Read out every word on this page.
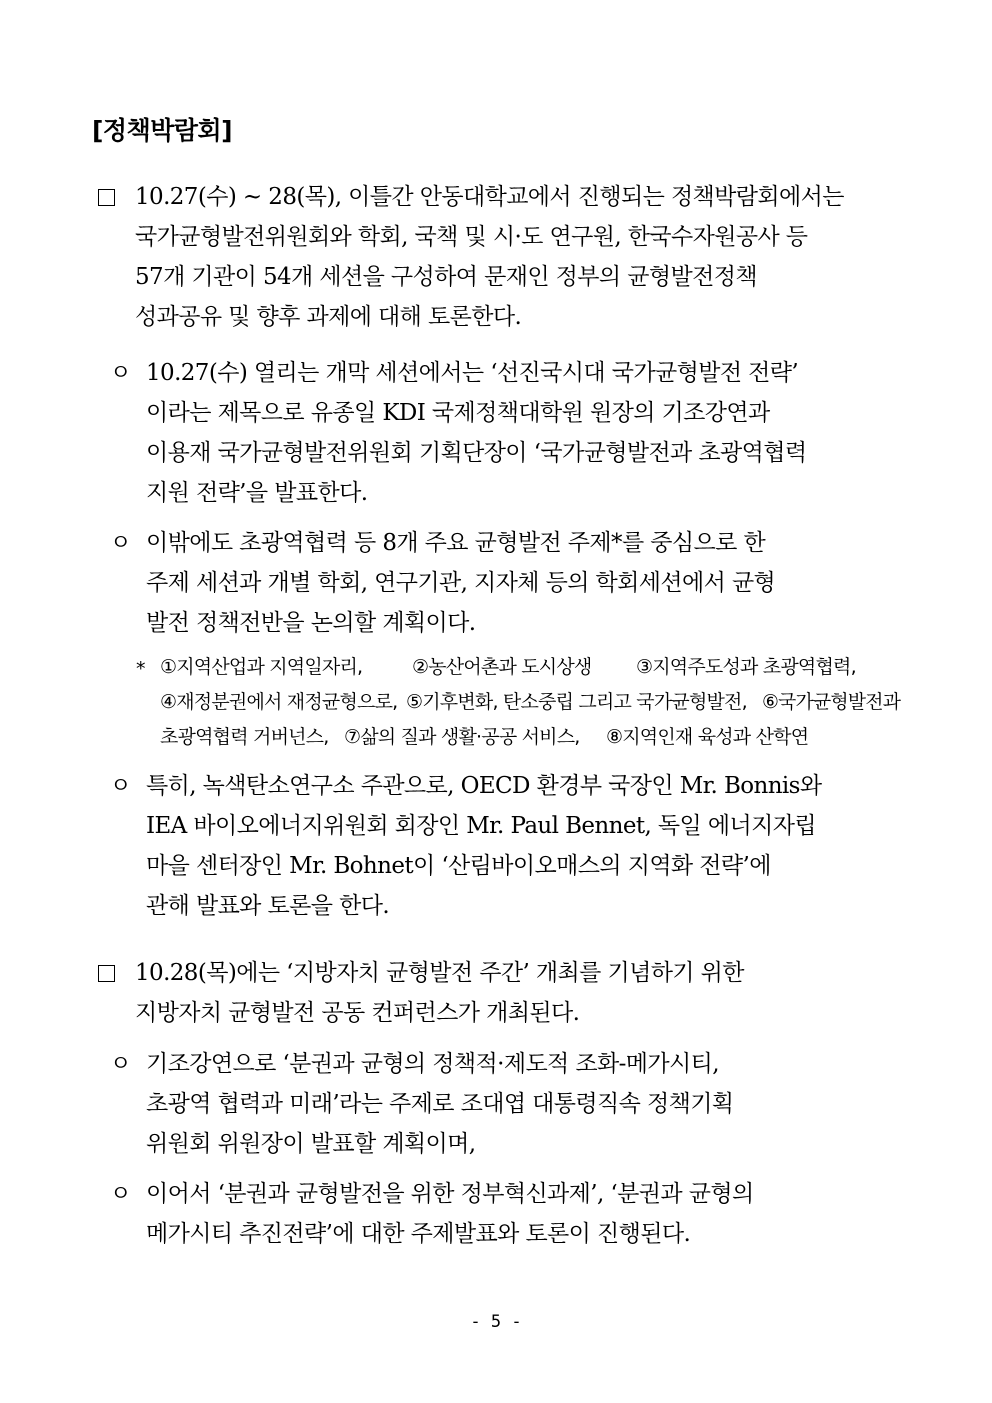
[정책박람회]
10.27(수) ~ 28(목), 이틀간 안동대학교에서 진행되는 정책박람회에서는
국가균형발전위원회와 학회, 국책 및 시·도 연구원, 한국수자원공사 등
57개 기관이 54개 세션을 구성하여 문재인 정부의 균형발전정책
성과공유 및 향후 과제에 대해 토론한다.
ㅇ 10.27(수) 열리는 개막 세션에서는 ‘선진국시대 국가균형발전 전략’
이라는 제목으로 유종일 KDI 국제정책대학원 원장의 기조강연과
이용재 국가균형발전위원회 기획단장이 ‘국가균형발전과 초광역협력
지원 전략’을 발표한다.
ㅇ 이밖에도 초광역협력 등 8개 주요 균형발전 주제*를 중심으로 한
주제 세션과 개별 학회, 연구기관, 지자체 등의 학회세션에서 균형
발전 정책전반을 논의할 계획이다.
* ①지역산업과 지역일자리,	②농산어촌과 도시상생 ③지역주도성과 초광역협력,
④재정분권에서 재정균형으로, ⑤기후변화, 탄소중립 그리고 국가균형발전, ⑥국가균형발전과
초광역협력 거버넌스, ⑦삶의 질과 생활·공공 서비스, ⑧지역인재 육성과 산학연
ㅇ 특히, 녹색탄소연구소 주관으로, OECD 환경부 국장인 Mr. Bonnis와
IEA 바이오에너지위원회 회장인 Mr. Paul Bennet, 독일 에너지자립
마을 센터장인 Mr. Bohnet이 ‘산림바이오매스의 지역화 전략’에
관해 발표와 토론을 한다.
10.28(목)에는 ‘지방자치 균형발전 주간’ 개최를 기념하기 위한
지방자치 균형발전 공동 컨퍼런스가 개최된다.
ㅇ 기조강연으로 ‘분권과 균형의 정책적·제도적 조화-메가시티,
초광역 협력과 미래’라는 주제로 조대엽 대통령직속 정책기획
위원회 위원장이 발표할 계획이며,
ㅇ 이어서 ‘분권과 균형발전을 위한 정부혁신과제’, ‘분권과 균형의
메가시티 추진전략’에 대한 주제발표와 토론이 진행된다.
- 5 -
